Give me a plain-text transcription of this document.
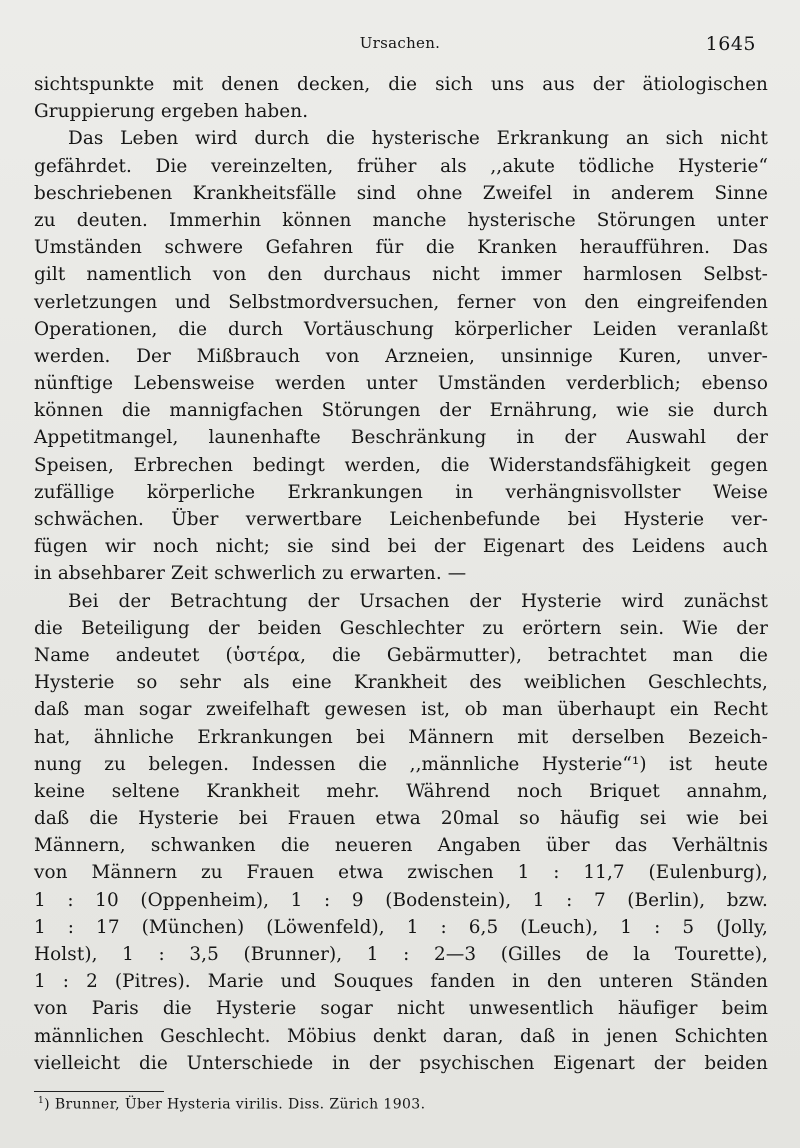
Ursachen.	1645
sichtspunkte mit denen decken, die sich uns aus der ätiologischen
Gruppierung ergeben haben.
Das Leben wird durch die hysterische Erkrankung an sich nicht
gefährdet. Die vereinzelten, früher als ,,akute tödliche Hysterie“
beschriebenen Krankheitsfälle sind ohne Zweifel in anderem Sinne
zu deuten. Immerhin können manche hysterische Störungen unter
Umständen schwere Gefahren für die Kranken heraufführen. Das
gilt namentlich von den durchaus nicht immer harmlosen Selbst-
verletzungen und Selbstmordversuchen, ferner von den eingreifenden
Operationen, die durch Vortäuschung körperlicher Leiden veranlaßt
werden. Der Mißbrauch von Arzneien, unsinnige Kuren, unver-
nünftige Lebensweise werden unter Umständen verderblich; ebenso
können die mannigfachen Störungen der Ernährung, wie sie durch
Appetitmangel, launenhafte Beschränkung in der Auswahl der
Speisen, Erbrechen bedingt werden, die Widerstandsfähigkeit gegen
zufällige körperliche Erkrankungen in verhängnisvollster Weise
schwächen. Über verwertbare Leichenbefunde bei Hysterie ver-
fügen wir noch nicht; sie sind bei der Eigenart des Leidens auch
in absehbarer Zeit schwerlich zu erwarten. —
Bei der Betrachtung der Ursachen der Hysterie wird zunächst
die Beteiligung der beiden Geschlechter zu erörtern sein. Wie der
Name andeutet (ὑστέρα, die Gebärmutter), betrachtet man die
Hysterie so sehr als eine Krankheit des weiblichen Geschlechts,
daß man sogar zweifelhaft gewesen ist, ob man überhaupt ein Recht
hat, ähnliche Erkrankungen bei Männern mit derselben Bezeich-
nung zu belegen. Indessen die ,,männliche Hysterie“¹) ist heute
keine seltene Krankheit mehr. Während noch Briquet annahm,
daß die Hysterie bei Frauen etwa 20mal so häufig sei wie bei
Männern, schwanken die neueren Angaben über das Verhältnis
von Männern zu Frauen etwa zwischen 1 : 11,7 (Eulenburg),
1 : 10 (Oppenheim), 1 : 9 (Bodenstein), 1 : 7 (Berlin), bzw.
1 : 17 (München) (Löwenfeld), 1 : 6,5 (Leuch), 1 : 5 (Jolly,
Holst), 1 : 3,5 (Brunner), 1 : 2—3 (Gilles de la Tourette),
1 : 2 (Pitres). Marie und Souques fanden in den unteren Ständen
von Paris die Hysterie sogar nicht unwesentlich häufiger beim
männlichen Geschlecht. Möbius denkt daran, daß in jenen Schichten
vielleicht die Unterschiede in der psychischen Eigenart der beiden
$^1$) Brunner, Über Hysteria virilis. Diss. Zürich 1903.
